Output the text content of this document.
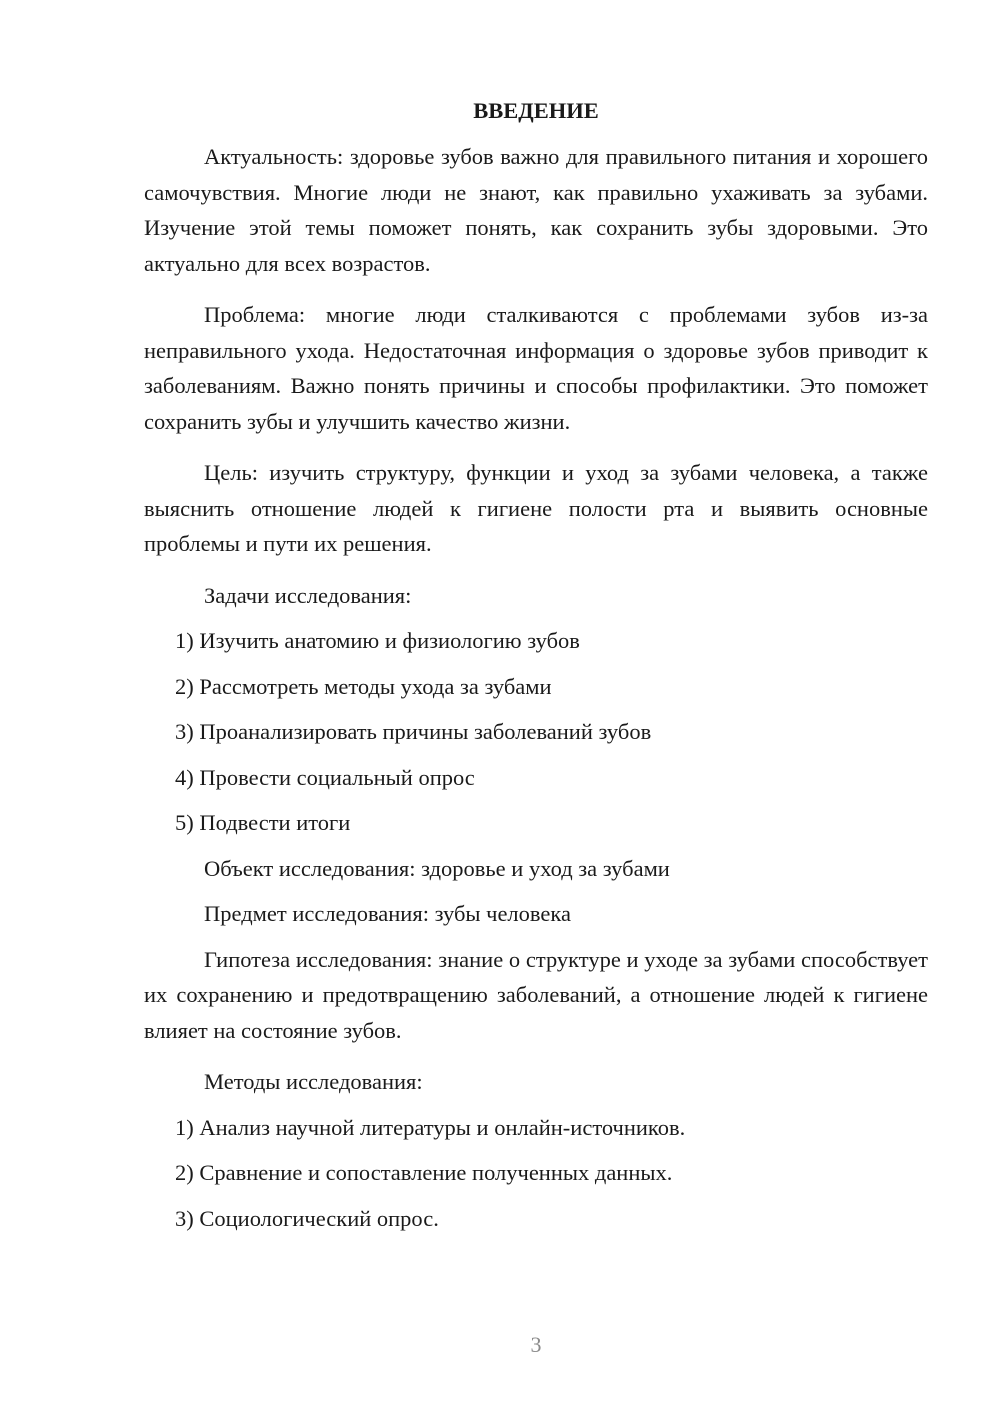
ВВЕДЕНИЕ
Актуальность: здоровье зубов важно для правильного питания и хорошего самочувствия. Многие люди не знают, как правильно ухаживать за зубами. Изучение этой темы поможет понять, как сохранить зубы здоровыми. Это актуально для всех возрастов.
Проблема: многие люди сталкиваются с проблемами зубов из-за неправильного ухода. Недостаточная информация о здоровье зубов приводит к заболеваниям. Важно понять причины и способы профилактики. Это поможет сохранить зубы и улучшить качество жизни.
Цель: изучить структуру, функции и уход за зубами человека, а также выяснить отношение людей к гигиене полости рта и выявить основные проблемы и пути их решения.
Задачи исследования:
1) Изучить анатомию и физиологию зубов
2) Рассмотреть методы ухода за зубами
3) Проанализировать причины заболеваний зубов
4) Провести социальный опрос
5) Подвести итоги
Объект исследования: здоровье и уход за зубами
Предмет исследования: зубы человека
Гипотеза исследования: знание о структуре и уходе за зубами способствует их сохранению и предотвращению заболеваний, а отношение людей к гигиене влияет на состояние зубов.
Методы исследования:
1) Анализ научной литературы и онлайн-источников.
2) Сравнение и сопоставление полученных данных.
3) Социологический опрос.
3
